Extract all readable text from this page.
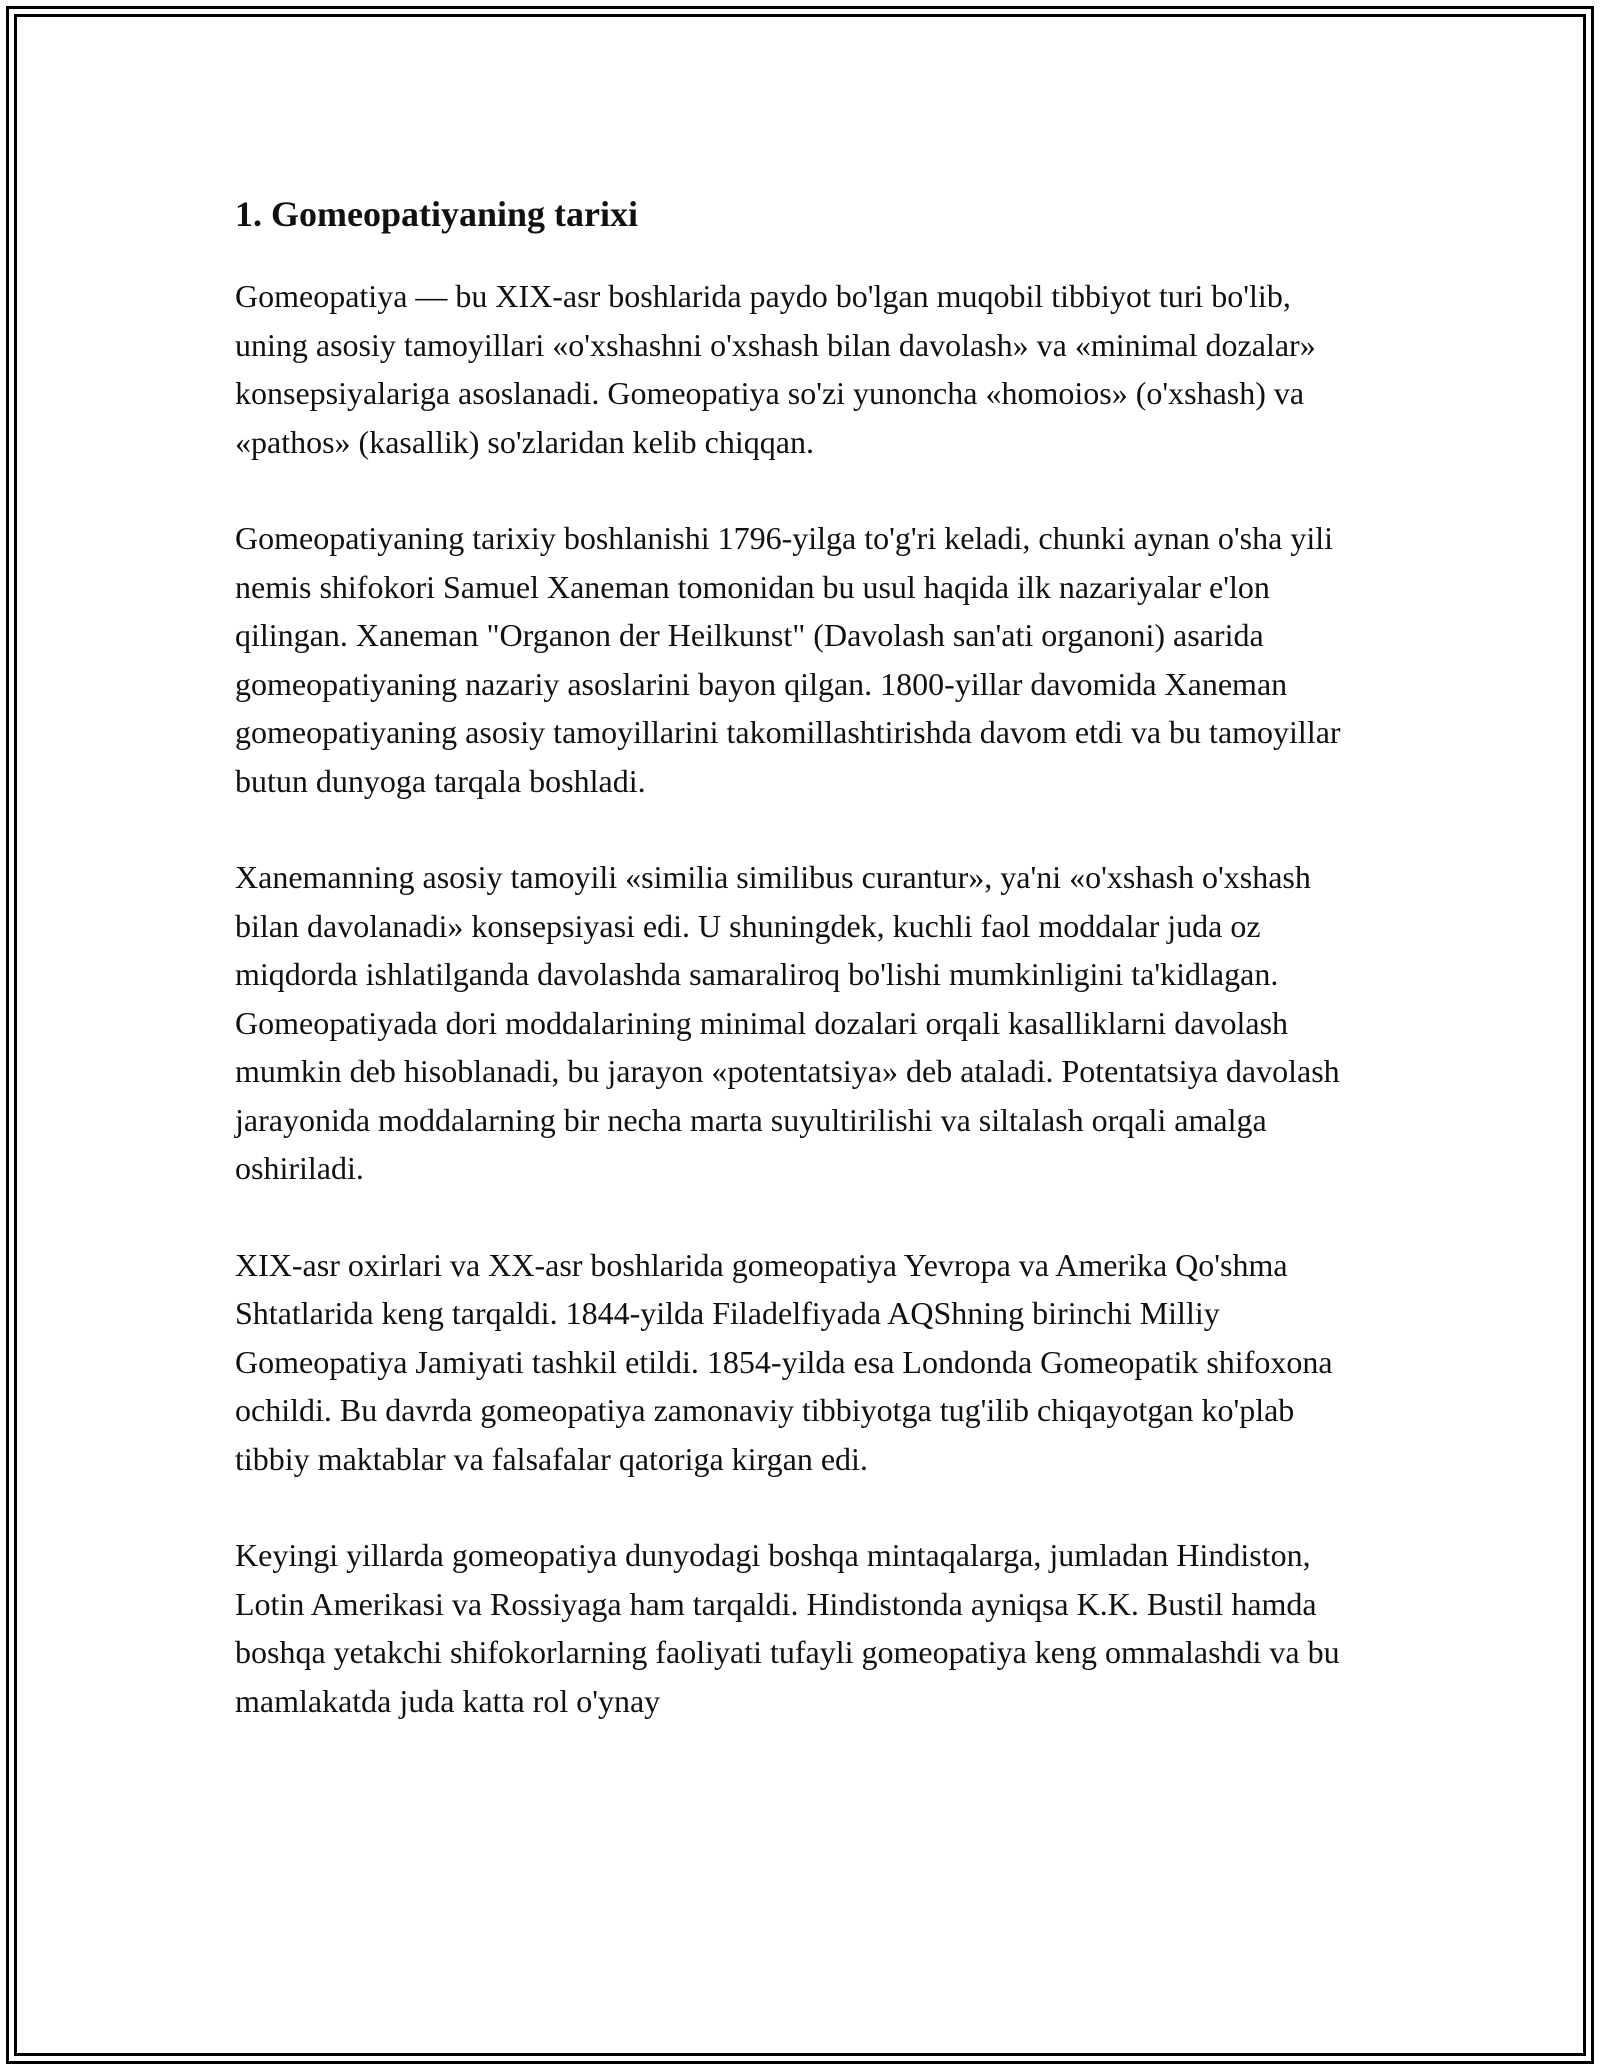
1. Gomeopatiyaning tarixi

Gomeopatiya — bu XIX-asr boshlarida paydo bo'lgan muqobil tibbiyot turi bo'lib, uning asosiy tamoyillari «o'xshashni o'xshash bilan davolash» va «minimal dozalar» konsepsiyalariga asoslanadi. Gomeopatiya so'zi yunoncha «homoios» (o'xshash) va «pathos» (kasallik) so'zlaridan kelib chiqqan.

Gomeopatiyaning tarixiy boshlanishi 1796-yilga to'g'ri keladi, chunki aynan o'sha yili nemis shifokori Samuel Xaneman tomonidan bu usul haqida ilk nazariyalar e'lon qilingan. Xaneman "Organon der Heilkunst" (Davolash san'ati organoni) asarida gomeopatiyaning nazariy asoslarini bayon qilgan. 1800-yillar davomida Xaneman gomeopatiyaning asosiy tamoyillarini takomillashtirishda davom etdi va bu tamoyillar butun dunyoga tarqala boshladi.

Xanemanning asosiy tamoyili «similia similibus curantur», ya'ni «o'xshash o'xshash bilan davolanadi» konsepsiyasi edi. U shuningdek, kuchli faol moddalar juda oz miqdorda ishlatilganda davolashda samaraliroq bo'lishi mumkinligini ta'kidlagan. Gomeopatiyada dori moddalarining minimal dozalari orqali kasalliklarni davolash mumkin deb hisoblanadi, bu jarayon «potentatsiya» deb ataladi. Potentatsiya davolash jarayonida moddalarning bir necha marta suyultirilishi va siltalash orqali amalga oshiriladi.

XIX-asr oxirlari va XX-asr boshlarida gomeopatiya Yevropa va Amerika Qo'shma Shtatlarida keng tarqaldi. 1844-yilda Filadelfiyada AQShning birinchi Milliy Gomeopatiya Jamiyati tashkil etildi. 1854-yilda esa Londonda Gomeopatik shifoxona ochildi. Bu davrda gomeopatiya zamonaviy tibbiyotga tug'ilib chiqayotgan ko'plab tibbiy maktablar va falsafalar qatoriga kirgan edi.

Keyingi yillarda gomeopatiya dunyodagi boshqa mintaqalarga, jumladan Hindiston, Lotin Amerikasi va Rossiyaga ham tarqaldi. Hindistonda ayniqsa K.K. Bustil hamda boshqa yetakchi shifokorlarning faoliyati tufayli gomeopatiya keng ommalashdi va bu mamlakatda juda katta rol o'ynay
